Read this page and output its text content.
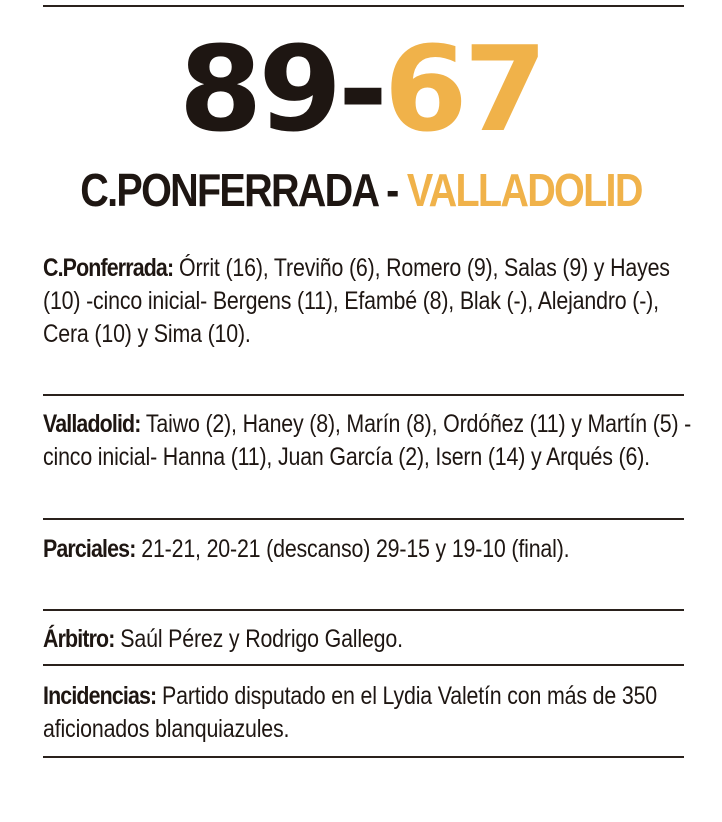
89-67
C.PONFERRADA - VALLADOLID
C.Ponferrada: Órrit (16), Treviño (6), Romero (9), Salas (9) y Hayes (10) -cinco inicial- Bergens (11), Efambé (8), Blak (-), Alejandro (-), Cera (10) y Sima (10).
Valladolid: Taiwo (2), Haney (8), Marín (8), Ordóñez (11) y Martín (5) -cinco inicial- Hanna (11), Juan García (2), Isern (14) y Arqués (6).
Parciales: 21-21, 20-21 (descanso) 29-15 y 19-10 (final).
Árbitro: Saúl Pérez y Rodrigo Gallego.
Incidencias: Partido disputado en el Lydia Valetín con más de 350 aficionados blanquiazules.
